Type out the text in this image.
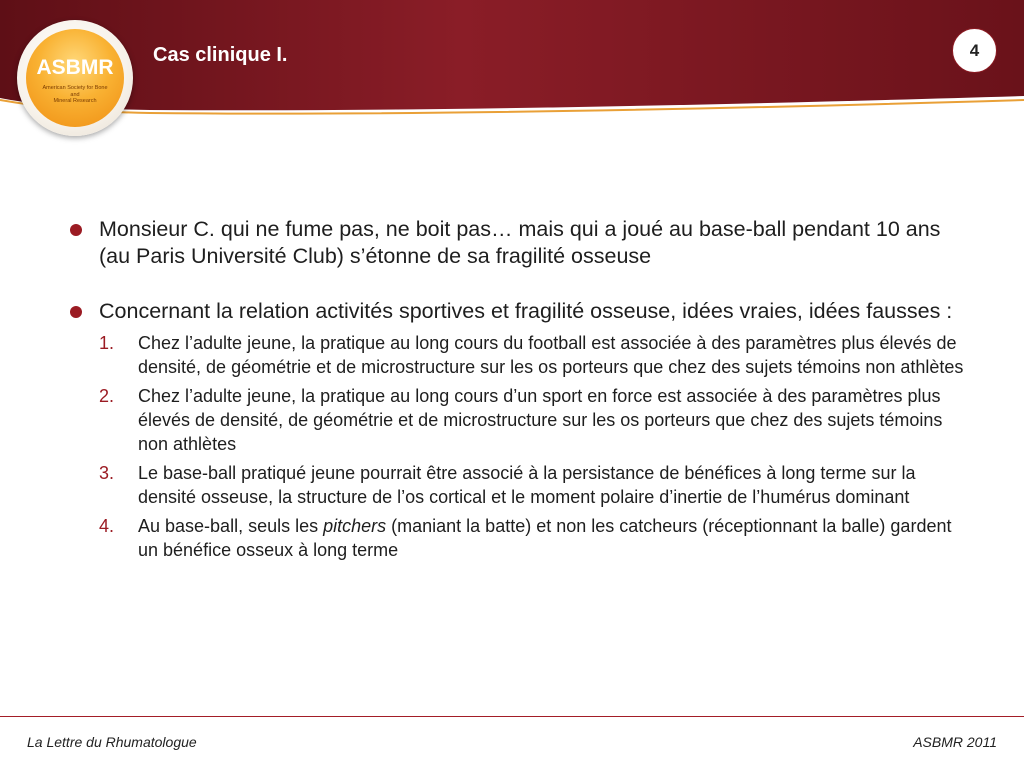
ASBMR
American Society for Bone
and
Mineral Research
Cas clinique I.	4
Monsieur C. qui ne fume pas, ne boit pas… mais qui a joué au base-ball pendant 10 ans (au Paris Université Club) s’étonne de sa fragilité osseuse
Concernant la relation activités sportives et fragilité osseuse, idées vraies, idées fausses :
1. Chez l’adulte jeune, la pratique au long cours du football est associée à des paramètres plus élevés de densité, de géométrie et de microstructure sur les os porteurs que chez des sujets témoins non athlètes
2. Chez l’adulte jeune, la pratique au long cours d’un sport en force est associée à des paramètres plus élevés de densité, de géométrie et de microstructure sur les os porteurs que chez des sujets témoins non athlètes
3. Le base-ball pratiqué jeune pourrait être associé à la persistance de bénéfices à long terme sur la densité osseuse, la structure de l’os cortical et le moment polaire d’inertie de l’humérus dominant
4. Au base-ball, seuls les pitchers (maniant la batte) et non les catcheurs (réceptionnant la balle) gardent un bénéfice osseux à long terme
La Lettre du Rhumatologue	ASBMR 2011
